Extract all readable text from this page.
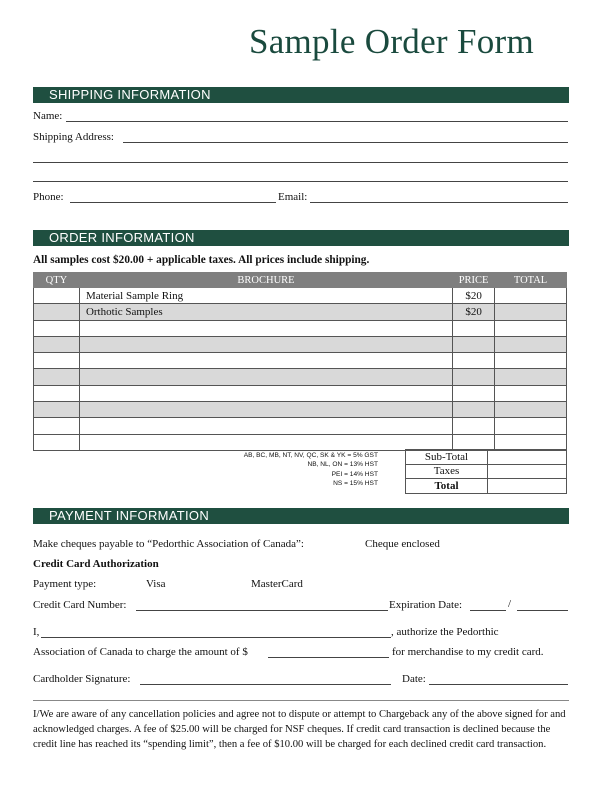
Sample Order Form
SHIPPING INFORMATION
Name:
Shipping Address:
Phone:	Email:
ORDER INFORMATION
All samples cost $20.00 + applicable taxes. All prices include shipping.
QTY	BROCHURE	PRICE	TOTAL
	Material Sample Ring	$20	
	Orthotic Samples	$20	

AB, BC, MB, NT, NV, QC, SK & YK = 5% GST
NB, NL, ON = 13% HST
PEI = 14% HST
NS = 15% HST
Sub-Total	
Taxes	
Total	
PAYMENT INFORMATION
Make cheques payable to “Pedorthic Association of Canada”:	Cheque enclosed
Credit Card Authorization
Payment type:	Visa	MasterCard
Credit Card Number:	Expiration Date:	/
I,	, authorize the Pedorthic
Association of Canada to charge the amount of $	for merchandise to my credit card.
Cardholder Signature:	Date:
I/We are aware of any cancellation policies and agree not to dispute or attempt to Chargeback any of the above signed for and acknowledged charges. A fee of $25.00 will be charged for NSF cheques. If credit card transaction is declined because the credit line has reached its “spending limit”, then a fee of $10.00 will be charged for each declined credit card transaction.
